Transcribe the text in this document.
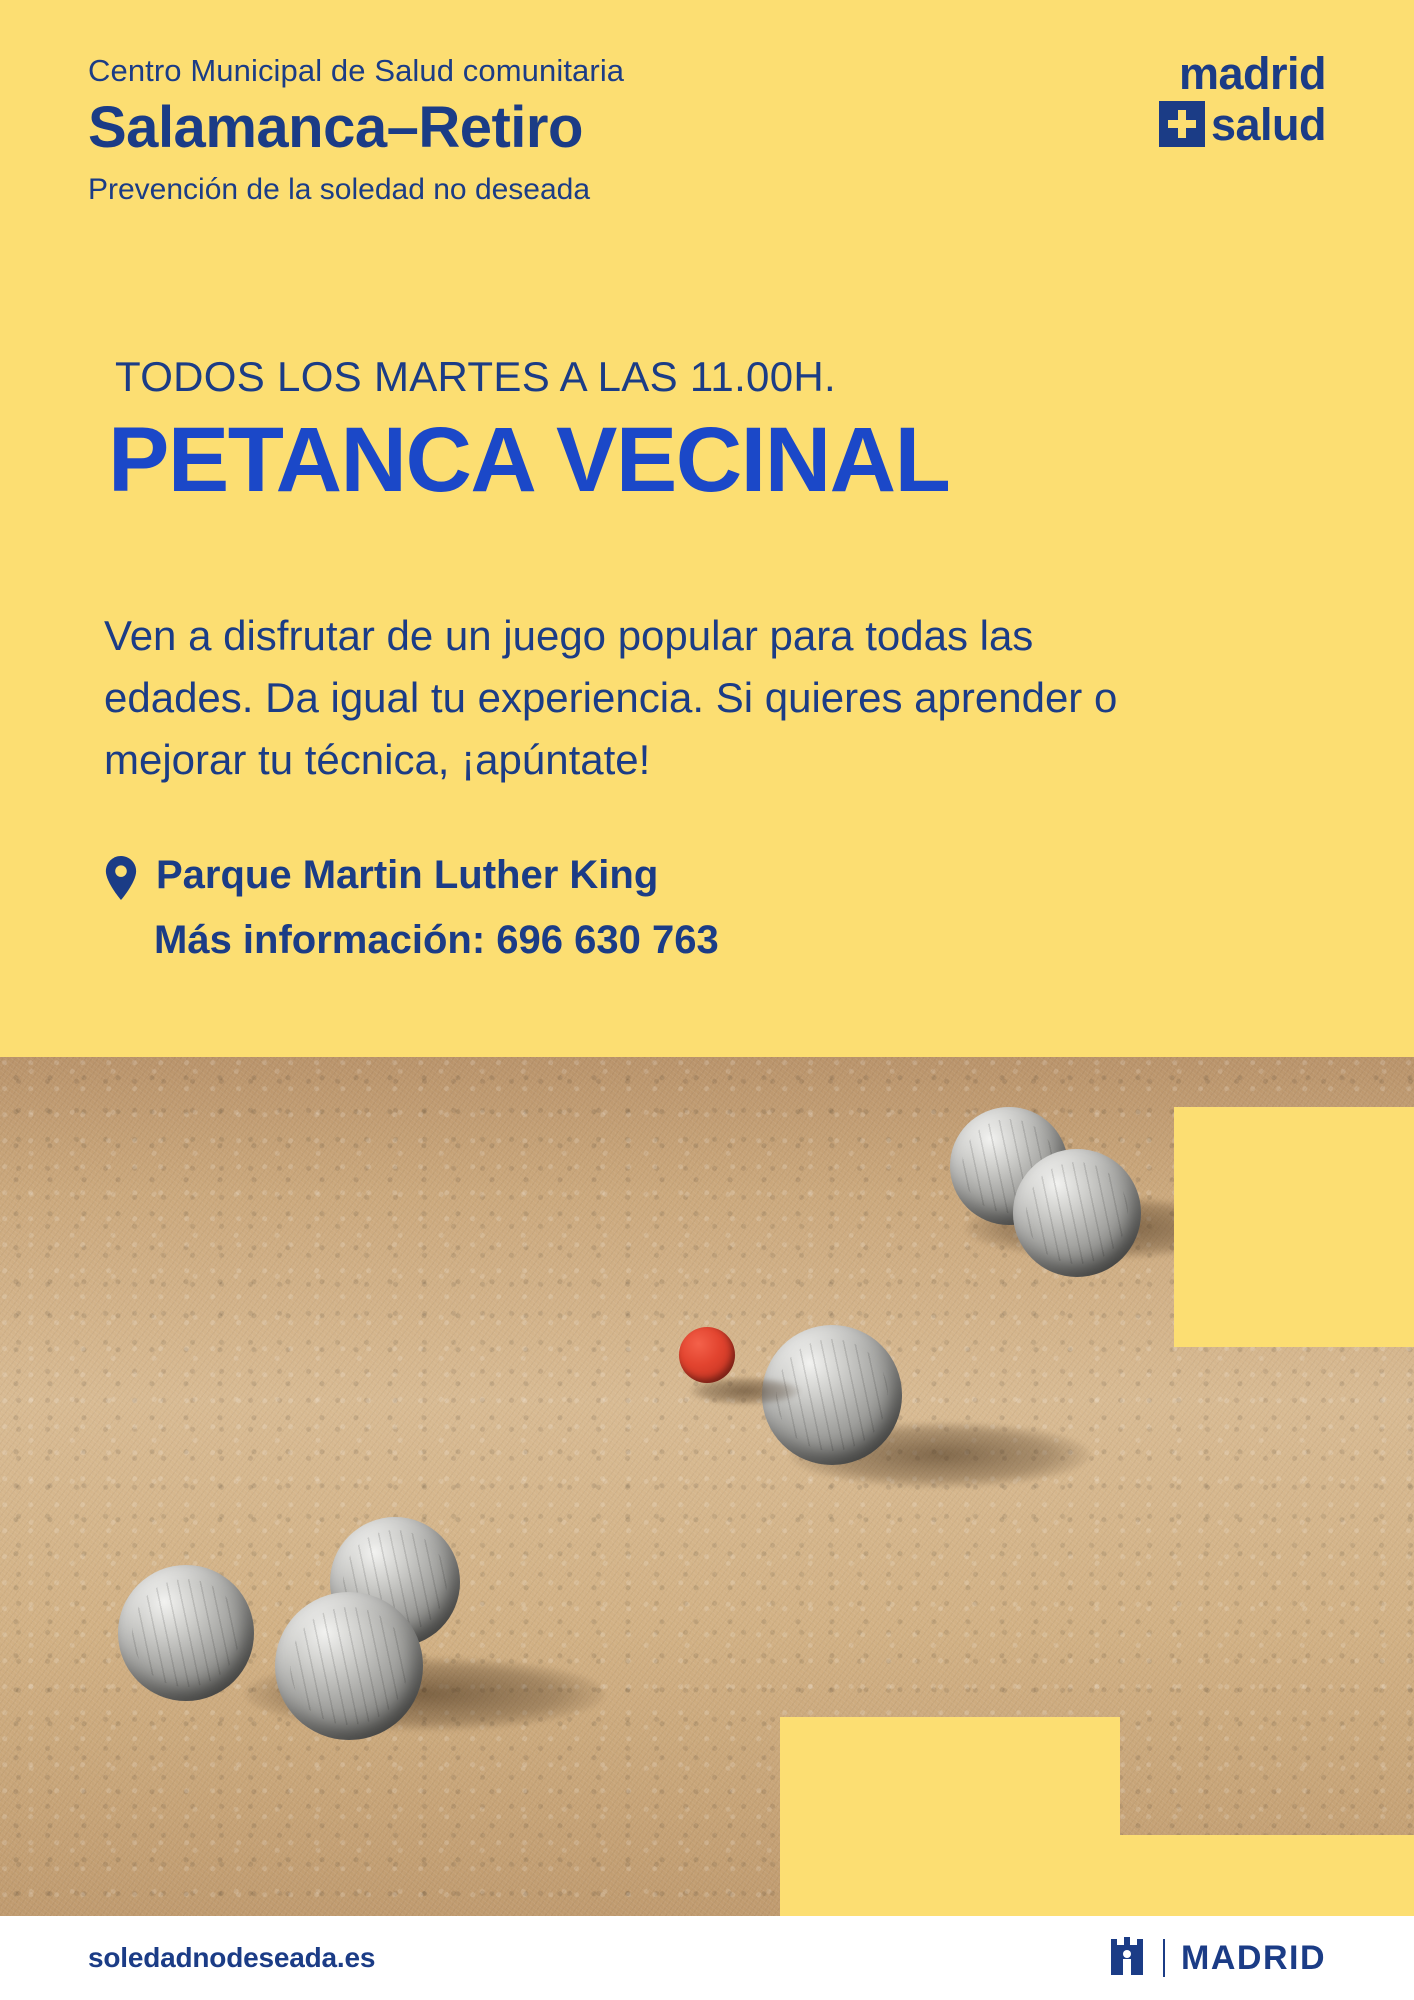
Centro Municipal de Salud comunitaria
Salamanca–Retiro
Prevención de la soledad no deseada
madrid
salud
TODOS LOS MARTES A LAS 11.00H.
PETANCA VECINAL
Ven a disfrutar de un juego popular para todas las edades. Da igual tu experiencia. Si quieres aprender o mejorar tu técnica, ¡apúntate!
Parque Martin Luther King
Más información: 696 630 763
soledadnodeseada.es	MADRID
